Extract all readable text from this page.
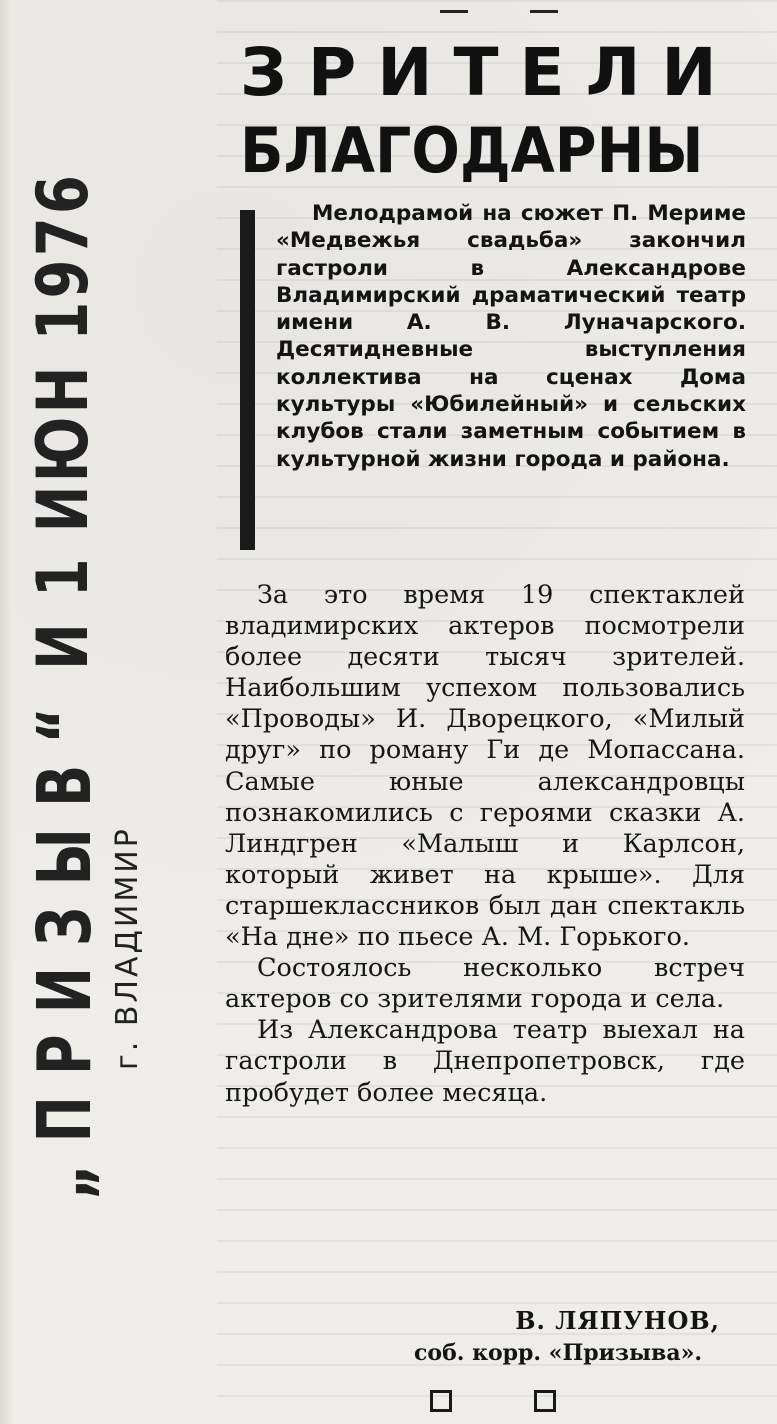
„ПРИЗЫВ“
И 1 ИЮН 1976
г. ВЛАДИМИР
ЗРИТЕЛИ
БЛАГОДАРНЫ

Мелодрамой на сюжет П. Мериме «Медвежья свадьба» закончил гастроли в Александрове Владимирский драматический театр имени А. В. Луначарского. Десятидневные выступления коллектива на сценах Дома культуры «Юбилейный» и сельских клубов стали заметным событием в культурной жизни города и района.

За это время 19 спектаклей владимирских актеров посмотрели более десяти тысяч зрителей. Наибольшим успехом пользовались «Проводы» И. Дворецкого, «Милый друг» по роману Ги де Мопассана. Самые юные александровцы познакомились с героями сказки А. Линдгрен «Малыш и Карлсон, который живет на крыше». Для старшеклассников был дан спектакль «На дне» по пьесе А. М. Горького.

Состоялось несколько встреч актеров со зрителями города и села.

Из Александрова театр выехал на гастроли в Днепропетровск, где пробудет более месяца.

В. ЛЯПУНОВ,
соб. корр. «Призыва».
